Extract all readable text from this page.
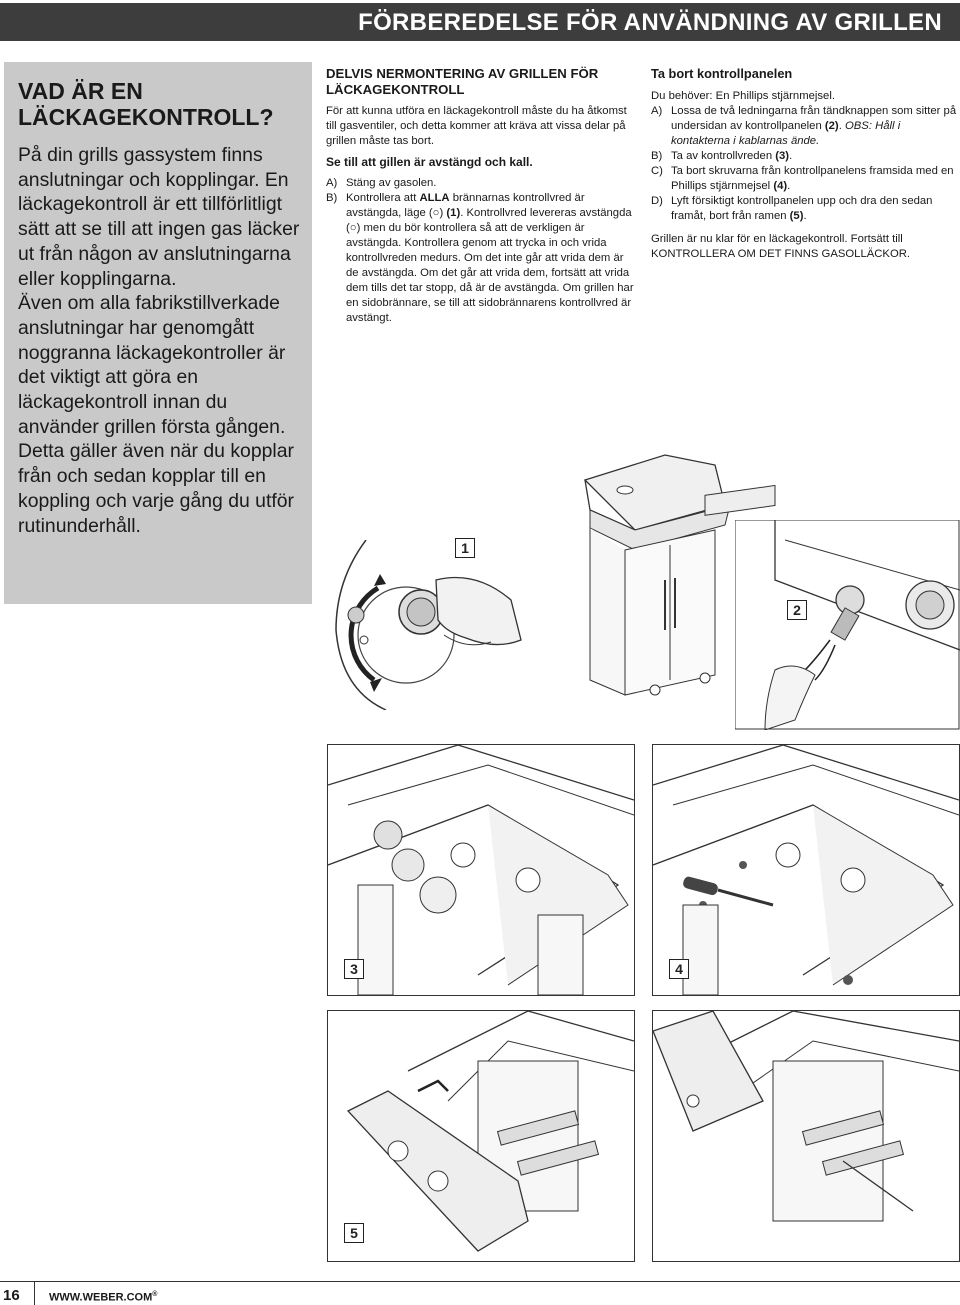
FÖRBEREDELSE FÖR ANVÄNDNING AV GRILLEN
VAD ÄR EN LÄCKAGEKONTROLL?

På din grills gassystem finns anslutningar och kopplingar. En läckagekontroll är ett tillförlitligt sätt att se till att ingen gas läcker ut från någon av anslutningarna eller kopplingarna.

Även om alla fabrikstillverkade anslutningar har genomgått noggranna läckagekontroller är det viktigt att göra en läckagekontroll innan du använder grillen första gången. Detta gäller även när du kopplar från och sedan kopplar till en koppling och varje gång du utför rutinunderhåll.

DELVIS NERMONTERING AV GRILLEN FÖR LÄCKAGEKONTROLL
För att kunna utföra en läckagekontroll måste du ha åtkomst till gasventiler, och detta kommer att kräva att vissa delar på grillen måste tas bort.
Se till att gillen är avstängd och kall.
A) Stäng av gasolen.
B) Kontrollera att ALLA brännarnas kontrollvred är avstängda, läge (○) (1). Kontrollvred levereras avstängda (○) men du bör kontrollera så att de verkligen är avstängda. Kontrollera genom att trycka in och vrida kontrollvreden medurs. Om det inte går att vrida dem är de avstängda. Om det går att vrida dem, fortsätt att vrida dem tills det tar stopp, då är de avstängda. Om grillen har en sidobrännare, se till att sidobrännarens kontrollvred är avstängt.
Ta bort kontrollpanelen
Du behöver: En Phillips stjärnmejsel.
A) Lossa de två ledningarna från tändknappen som sitter på undersidan av kontrollpanelen (2). OBS: Håll i kontakterna i kablarnas ände.
B) Ta av kontrollvreden (3).
C) Ta bort skruvarna från kontrollpanelens framsida med en Phillips stjärnmejsel (4).
D) Lyft försiktigt kontrollpanelen upp och dra den sedan framåt, bort från ramen (5).
Grillen är nu klar för en läckagekontroll. Fortsätt till KONTROLLERA OM DET FINNS GASOLLÄCKOR.
1
2
3	4
5
16	WWW.WEBER.COM®
